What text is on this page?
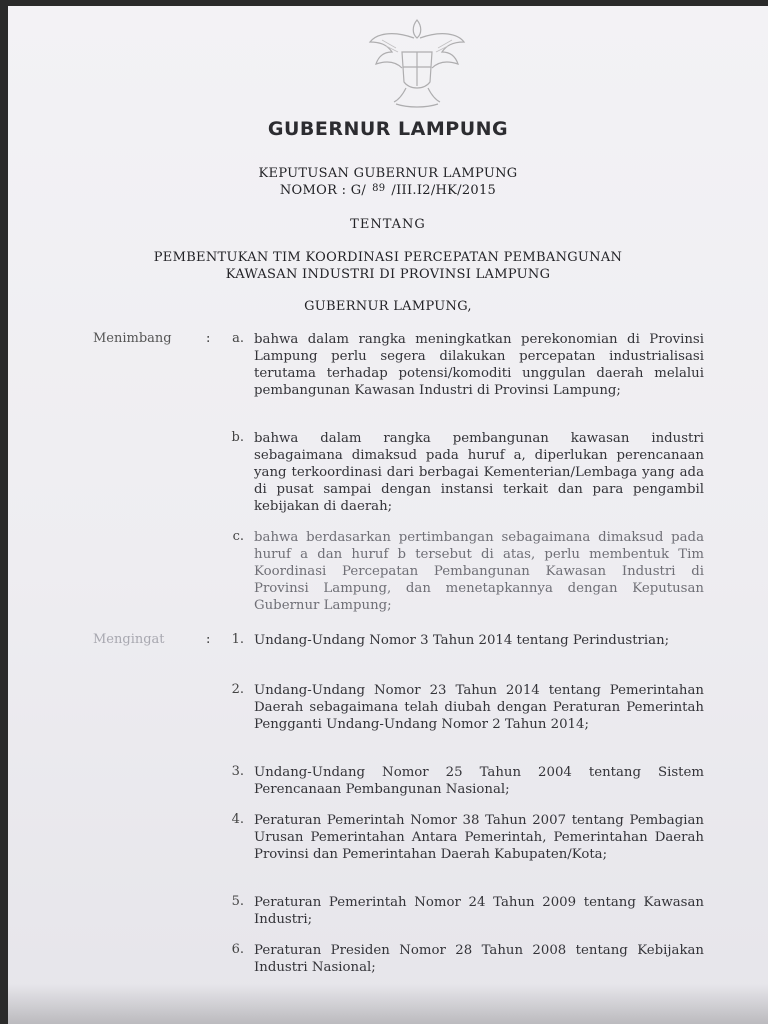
GUBERNUR LAMPUNG
KEPUTUSAN GUBERNUR LAMPUNG
NOMOR : G/ $^{89}$ /III.I2/HK/2015
TENTANG
PEMBENTUKAN TIM KOORDINASI PERCEPATAN PEMBANGUNAN
KAWASAN INDUSTRI DI PROVINSI LAMPUNG
GUBERNUR LAMPUNG,
Menimbang	:	a. bahwa dalam rangka meningkatkan perekonomian di Provinsi Lampung perlu segera dilakukan percepatan industrialisasi terutama terhadap potensi/komoditi unggulan daerah melalui pembangunan Kawasan Industri di Provinsi Lampung;
b. bahwa dalam rangka pembangunan kawasan industri sebagaimana dimaksud pada huruf a, diperlukan perencanaan yang terkoordinasi dari berbagai Kementerian/Lembaga yang ada di pusat sampai dengan instansi terkait dan para pengambil kebijakan di daerah;
c. bahwa berdasarkan pertimbangan sebagaimana dimaksud pada huruf a dan huruf b tersebut di atas, perlu membentuk Tim Koordinasi Percepatan Pembangunan Kawasan Industri di Provinsi Lampung, dan menetapkannya dengan Keputusan Gubernur Lampung;
Mengingat	:	1. Undang-Undang Nomor 3 Tahun 2014 tentang Perindustrian;
2. Undang-Undang Nomor 23 Tahun 2014 tentang Pemerintahan Daerah sebagaimana telah diubah dengan Peraturan Pemerintah Pengganti Undang-Undang Nomor 2 Tahun 2014;
3. Undang-Undang Nomor 25 Tahun 2004 tentang Sistem Perencanaan Pembangunan Nasional;
4. Peraturan Pemerintah Nomor 38 Tahun 2007 tentang Pembagian Urusan Pemerintahan Antara Pemerintah, Pemerintahan Daerah Provinsi dan Pemerintahan Daerah Kabupaten/Kota;
5. Peraturan Pemerintah Nomor 24 Tahun 2009 tentang Kawasan Industri;
6. Peraturan Presiden Nomor 28 Tahun 2008 tentang Kebijakan Industri Nasional;
